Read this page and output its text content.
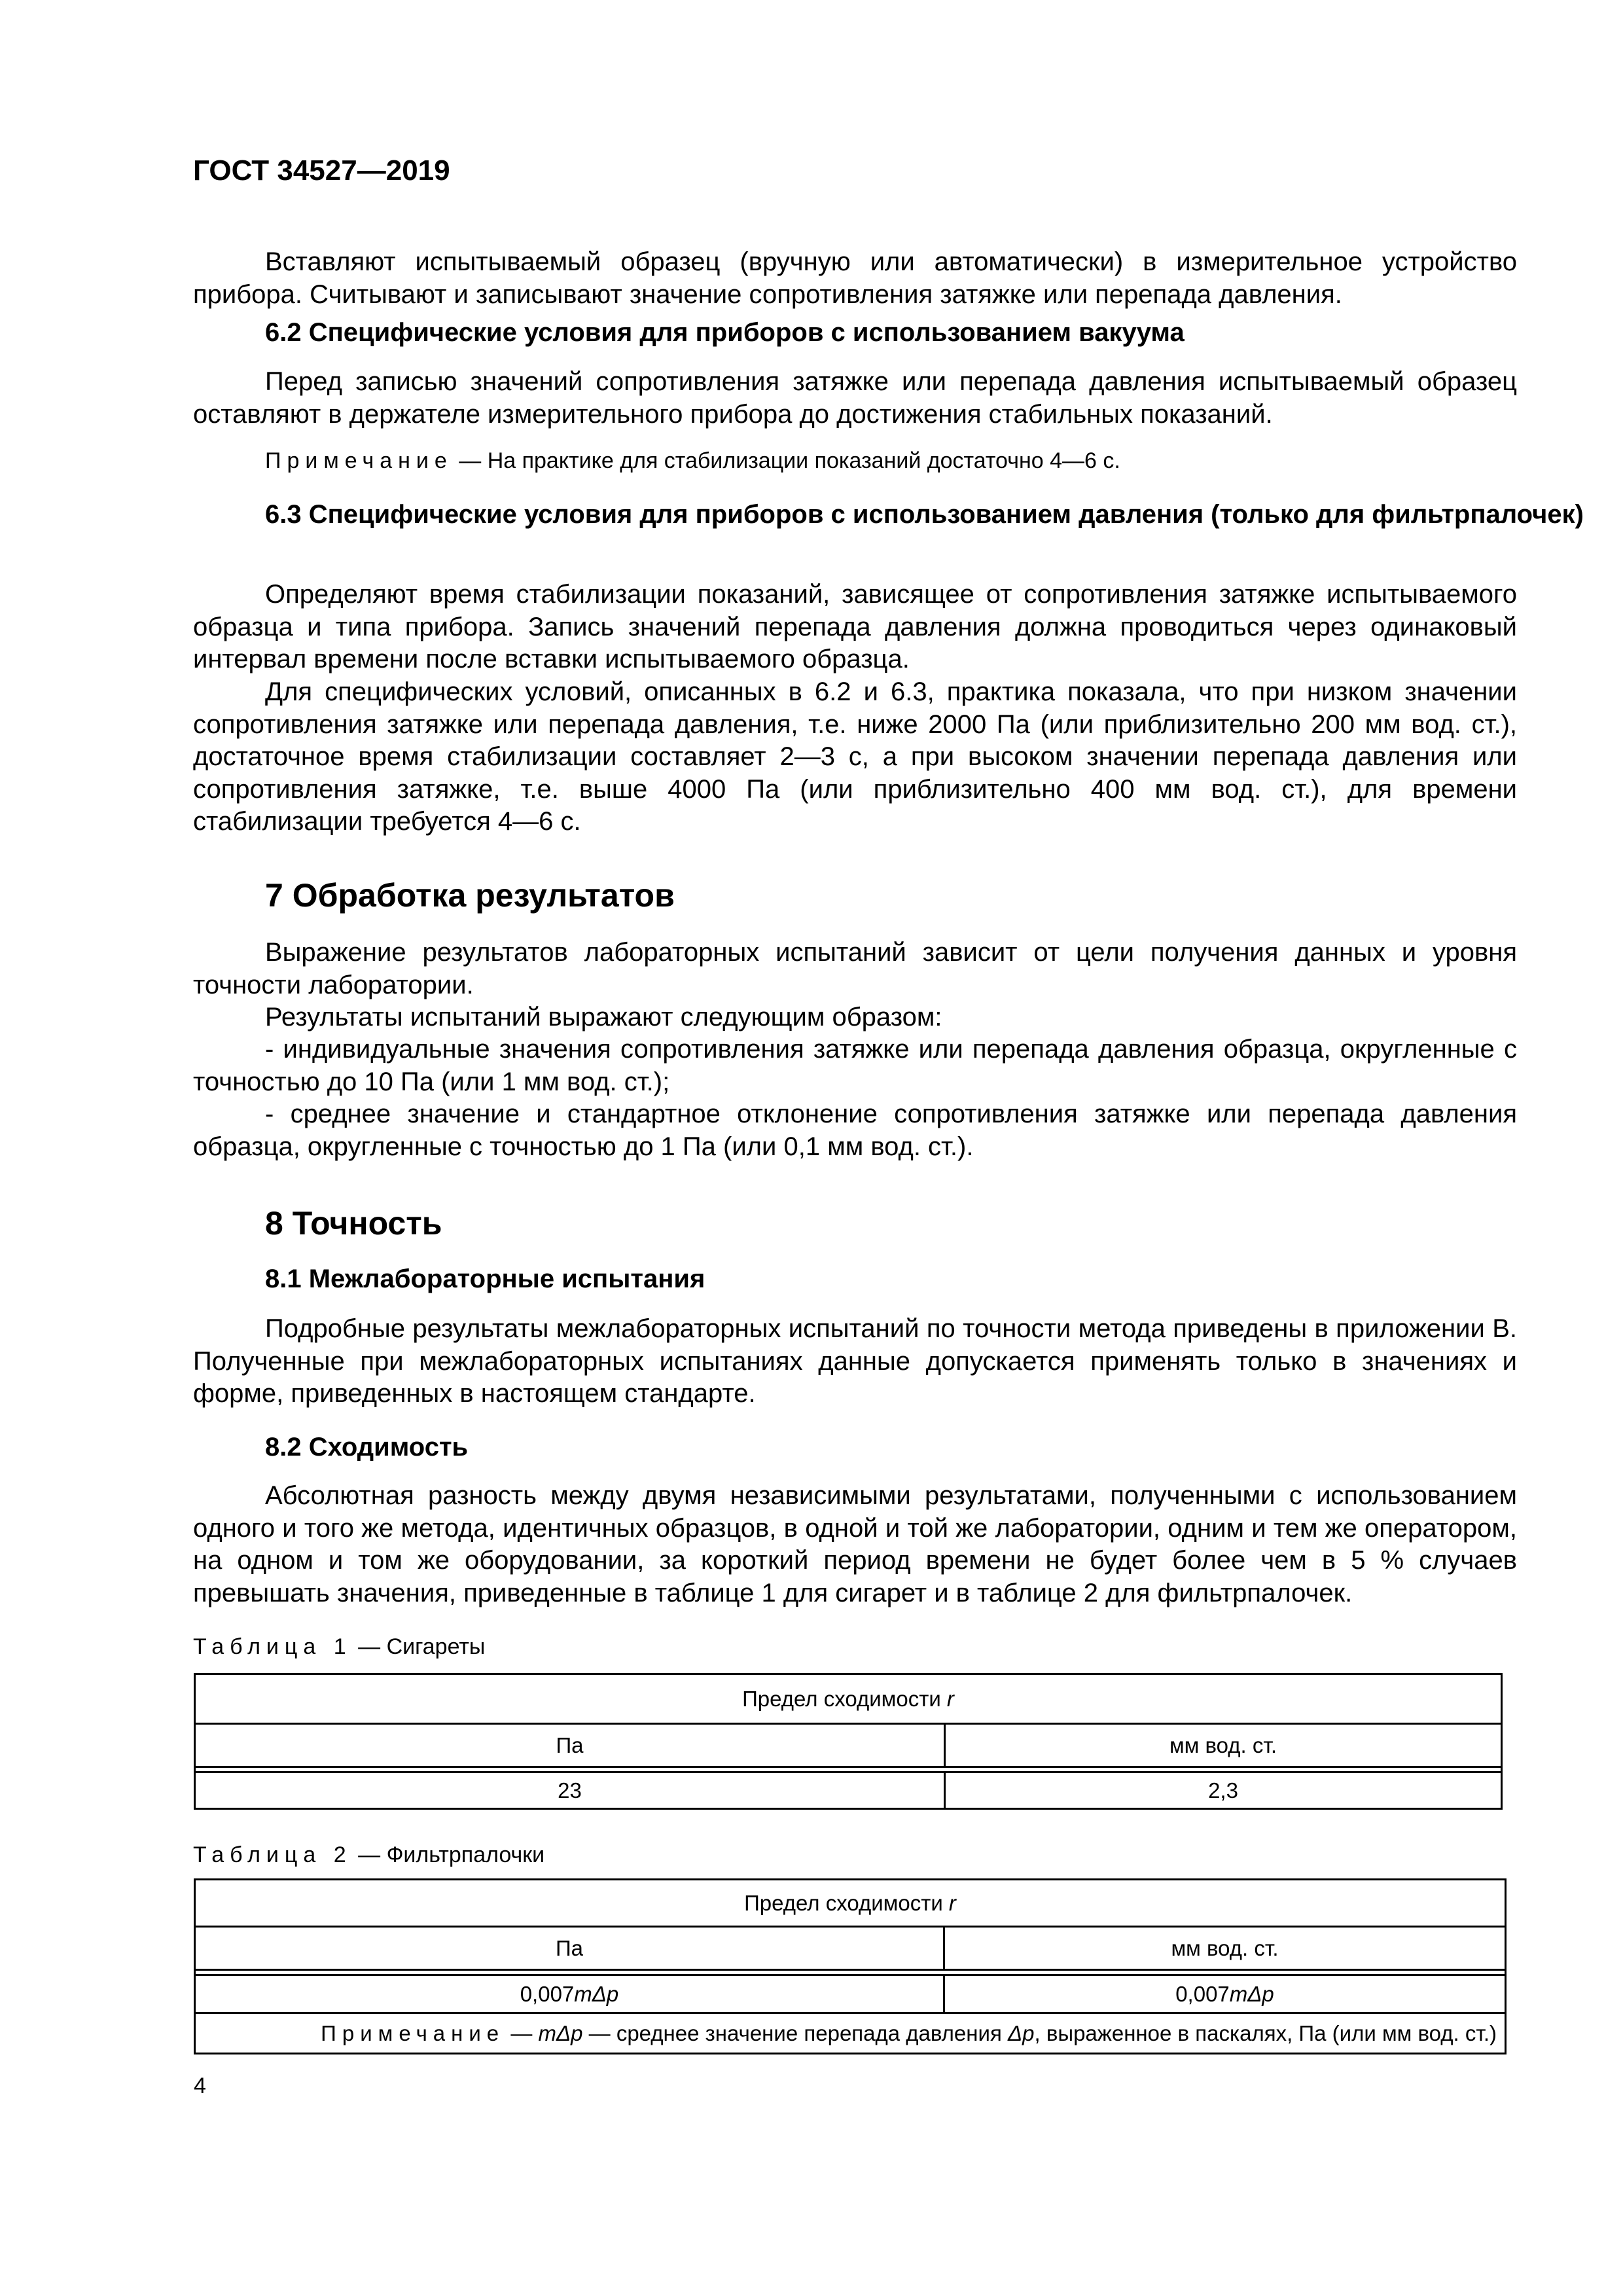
ГОСТ 34527—2019

Вставляют испытываемый образец (вручную или автоматически) в измерительное устройство прибора. Считывают и записывают значение сопротивления затяжке или перепада давления.

6.2 Специфические условия для приборов с использованием вакуума

Перед записью значений сопротивления затяжке или перепада давления испытываемый образец оставляют в держателе измерительного прибора до достижения стабильных показаний.

Примечание — На практике для стабилизации показаний достаточно 4—6 с.

6.3 Специфические условия для приборов с использованием давления (только для фильтрпалочек)

Определяют время стабилизации показаний, зависящее от сопротивления затяжке испытываемого образца и типа прибора. Запись значений перепада давления должна проводиться через одинаковый интервал времени после вставки испытываемого образца.

Для специфических условий, описанных в 6.2 и 6.3, практика показала, что при низком значении сопротивления затяжке или перепада давления, т.е. ниже 2000 Па (или приблизительно 200 мм вод. ст.), достаточное время стабилизации составляет 2—3 с, а при высоком значении перепада давления или сопротивления затяжке, т.е. выше 4000 Па (или приблизительно 400 мм вод. ст.), для времени стабилизации требуется 4—6 с.

7 Обработка результатов

Выражение результатов лабораторных испытаний зависит от цели получения данных и уровня точности лаборатории.

Результаты испытаний выражают следующим образом:

- индивидуальные значения сопротивления затяжке или перепада давления образца, округленные с точностью до 10 Па (или 1 мм вод. ст.);

- среднее значение и стандартное отклонение сопротивления затяжке или перепада давления образца, округленные с точностью до 1 Па (или 0,1 мм вод. ст.).

8 Точность

8.1 Межлабораторные испытания

Подробные результаты межлабораторных испытаний по точности метода приведены в приложении В. Полученные при межлабораторных испытаниях данные допускается применять только в значениях и форме, приведенных в настоящем стандарте.

8.2 Сходимость

Абсолютная разность между двумя независимыми результатами, полученными с использованием одного и того же метода, идентичных образцов, в одной и той же лаборатории, одним и тем же оператором, на одном и том же оборудовании, за короткий период времени не будет более чем в 5 % случаев превышать значения, приведенные в таблице 1 для сигарет и в таблице 2 для фильтрпалочек.

Таблица 1 — Сигареты
Предел сходимости r	
Па	мм вод. ст.

23	2,3
Таблица 2 — Фильтрпалочки
Предел сходимости r	
Па	мм вод. ст.

0,007mΔp	0,007mΔp
Примечание — mΔp — среднее значение перепада давления Δp, выраженное в паскалях, Па (или мм вод. ст.)	
4
